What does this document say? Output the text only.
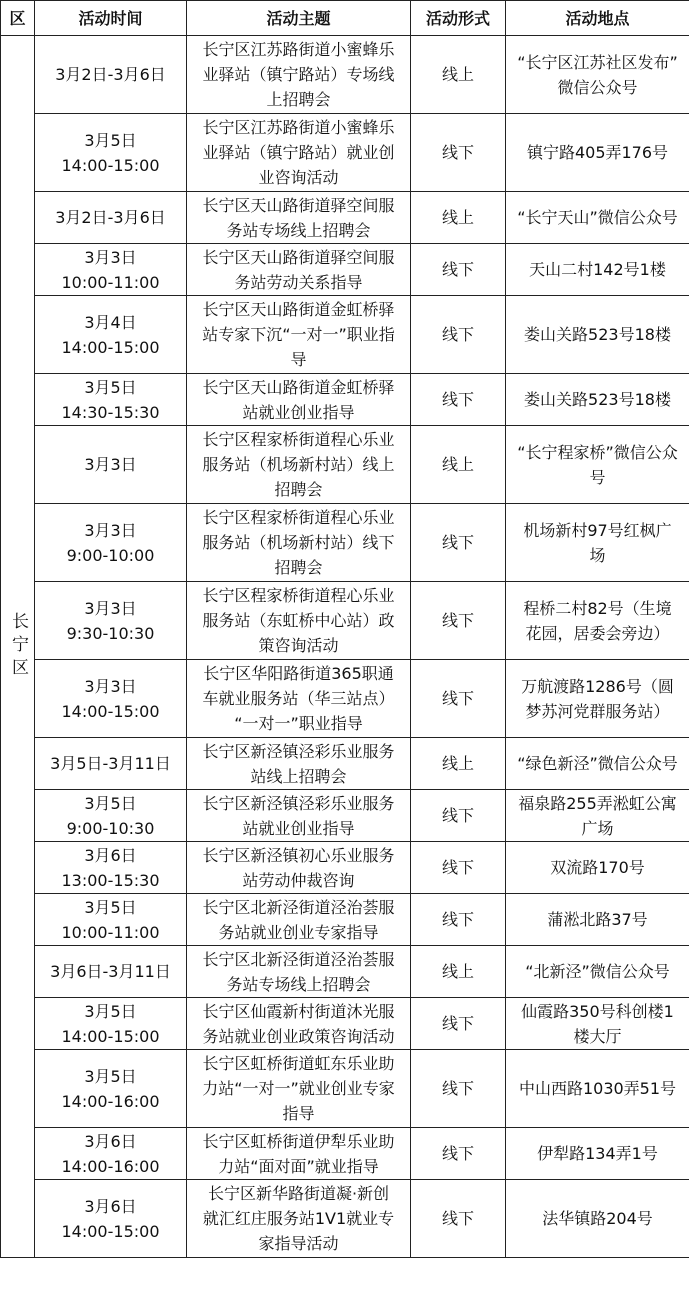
区	活动时间	活动主题	活动形式	活动地点
长宁区	3月2日-3月6日	长宁区江苏路街道小蜜蜂乐
业驿站（镇宁路站）专场线
上招聘会	线上	“长宁区江苏社区发布”
微信公众号
	3月5日
14:00-15:00	长宁区江苏路街道小蜜蜂乐
业驿站（镇宁路站）就业创
业咨询活动	线下	镇宁路405弄176号
	3月2日-3月6日	长宁区天山路街道驿空间服
务站专场线上招聘会	线上	“长宁天山”微信公众号
	3月3日
10:00-11:00	长宁区天山路街道驿空间服
务站劳动关系指导	线下	天山二村142号1楼
	3月4日
14:00-15:00	长宁区天山路街道金虹桥驿
站专家下沉“一对一”职业指
导	线下	娄山关路523号18楼
	3月5日
14:30-15:30	长宁区天山路街道金虹桥驿
站就业创业指导	线下	娄山关路523号18楼
	3月3日	长宁区程家桥街道程心乐业
服务站（机场新村站）线上
招聘会	线上	“长宁程家桥”微信公众
号
	3月3日
9:00-10:00	长宁区程家桥街道程心乐业
服务站（机场新村站）线下
招聘会	线下	机场新村97号红枫广
场
	3月3日
9:30-10:30	长宁区程家桥街道程心乐业
服务站（东虹桥中心站）政
策咨询活动	线下	程桥二村82号（生境
花园，居委会旁边）
	3月3日
14:00-15:00	长宁区华阳路街道365职通
车就业服务站（华三站点）
“一对一”职业指导	线下	万航渡路1286号（圆
梦苏河党群服务站）
	3月5日-3月11日	长宁区新泾镇泾彩乐业服务
站线上招聘会	线上	“绿色新泾”微信公众号
	3月5日
9:00-10:30	长宁区新泾镇泾彩乐业服务
站就业创业指导	线下	福泉路255弄淞虹公寓
广场
	3月6日
13:00-15:30	长宁区新泾镇初心乐业服务
站劳动仲裁咨询	线下	双流路170号
	3月5日
10:00-11:00	长宁区北新泾街道泾治荟服
务站就业创业专家指导	线下	蒲淞北路37号
	3月6日-3月11日	长宁区北新泾街道泾治荟服
务站专场线上招聘会	线上	“北新泾”微信公众号
	3月5日
14:00-15:00	长宁区仙霞新村街道沐光服
务站就业创业政策咨询活动	线下	仙霞路350号科创楼1
楼大厅
	3月5日
14:00-16:00	长宁区虹桥街道虹东乐业助
力站“一对一”就业创业专家
指导	线下	中山西路1030弄51号
	3月6日
14:00-16:00	长宁区虹桥街道伊犁乐业助
力站“面对面”就业指导	线下	伊犁路134弄1号
	3月6日
14:00-15:00	长宁区新华路街道凝·新创
就汇红庄服务站1V1就业专
家指导活动	线下	法华镇路204号
